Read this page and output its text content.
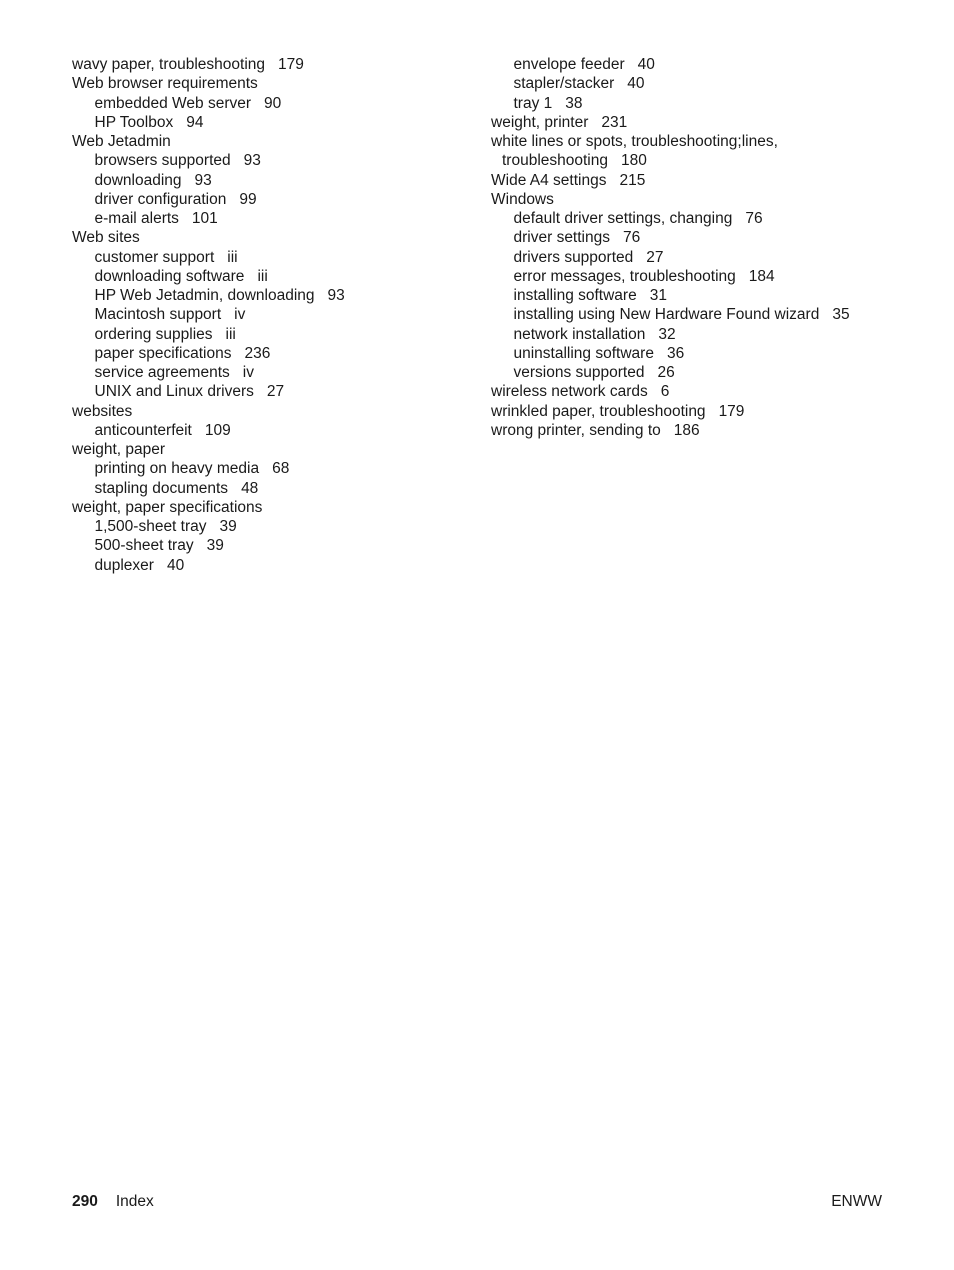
wavy paper, troubleshooting 179
Web browser requirements
embedded Web server 90
HP Toolbox 94
Web Jetadmin
browsers supported 93
downloading 93
driver configuration 99
e-mail alerts 101
Web sites
customer support iii
downloading software iii
HP Web Jetadmin, downloading 93
Macintosh support iv
ordering supplies iii
paper specifications 236
service agreements iv
UNIX and Linux drivers 27
websites
anticounterfeit 109
weight, paper
printing on heavy media 68
stapling documents 48
weight, paper specifications
1,500-sheet tray 39
500-sheet tray 39
duplexer 40
envelope feeder 40
stapler/stacker 40
tray 1 38
weight, printer 231
white lines or spots, troubleshooting;lines,
troubleshooting 180
Wide A4 settings 215
Windows
default driver settings, changing 76
driver settings 76
drivers supported 27
error messages, troubleshooting 184
installing software 31
installing using New Hardware Found wizard 35
network installation 32
uninstalling software 36
versions supported 26
wireless network cards 6
wrinkled paper, troubleshooting 179
wrong printer, sending to 186
290 Index	ENWW
